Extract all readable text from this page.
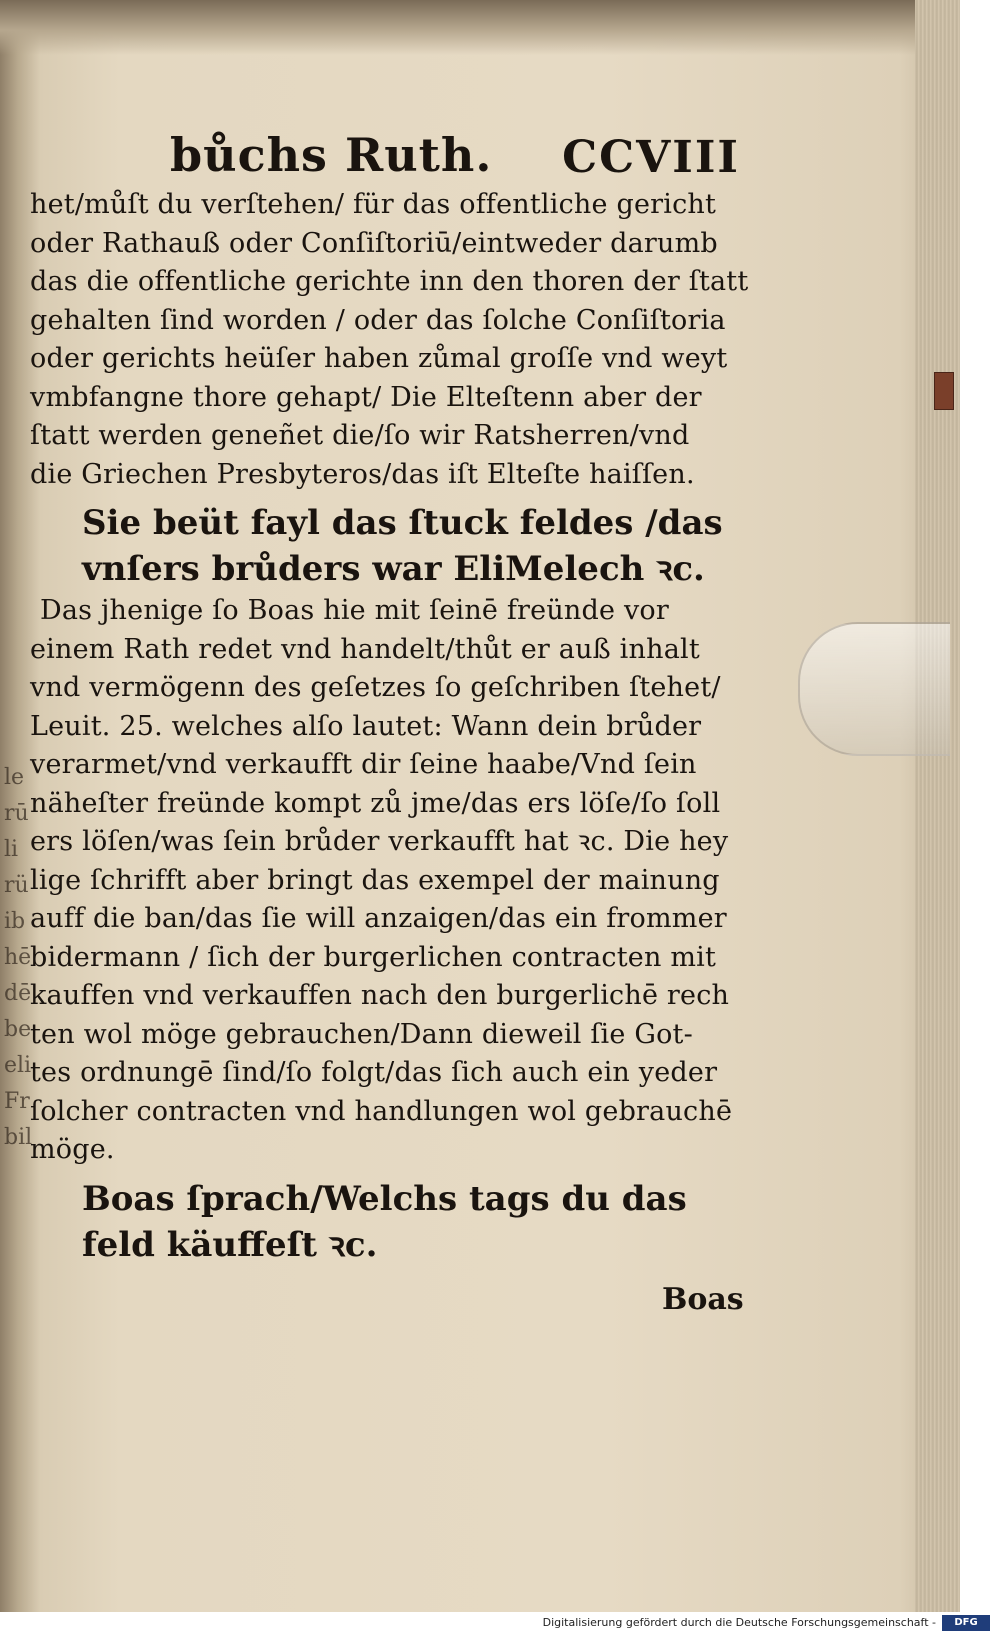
le
rū
li
rü
ib
hē
dē
be
eli
Fr
bil
bůchs Ruth. CCVIII
het/můſt du verſtehen/ für das offentliche gericht
oder Rathauß oder Conſiſtoriū/eintweder darumb
das die offentliche gerichte inn den thoren der ſtatt
gehalten ſind worden / oder das ſolche Conſiſtoria
oder gerichts heüſer haben zůmal groſſe vnd weyt
vmbfangne thore gehapt/ Die Elteſtenn aber der
ſtatt werden geneñet die/ſo wir Ratsherren/vnd
die Griechen Presbyteros/das iſt Elteſte haiſſen.
Sie beüt fayl das ſtuck feldes /das
vnſers brůders war EliMelech ꝛc.
Das jhenige ſo Boas hie mit ſeinē freünde vor
einem Rath redet vnd handelt/thůt er auß inhalt
vnd vermögenn des geſetzes ſo geſchriben ſtehet/
Leuit. 25. welches alſo lautet: Wann dein brůder
verarmet/vnd verkaufft dir ſeine haabe/Vnd ſein
näheſter freünde kompt zů jme/das ers löſe/ſo ſoll
ers löſen/was ſein brůder verkaufft hat ꝛc. Die hey
lige ſchrifft aber bringt das exempel der mainung
auff die ban/das ſie will anzaigen/das ein frommer
bidermann / ſich der burgerlichen contracten mit
kauffen vnd verkauffen nach den burgerlichē rech
ten wol möge gebrauchen/Dann dieweil ſie Got-
tes ordnungē ſind/ſo folgt/das ſich auch ein yeder
ſolcher contracten vnd handlungen wol gebrauchē
möge.
Boas ſprach/Welchs tags du das
feld käuffeſt ꝛc.
Boas
Digitalisierung gefördert durch die Deutsche Forschungsgemeinschaft -	DFG
